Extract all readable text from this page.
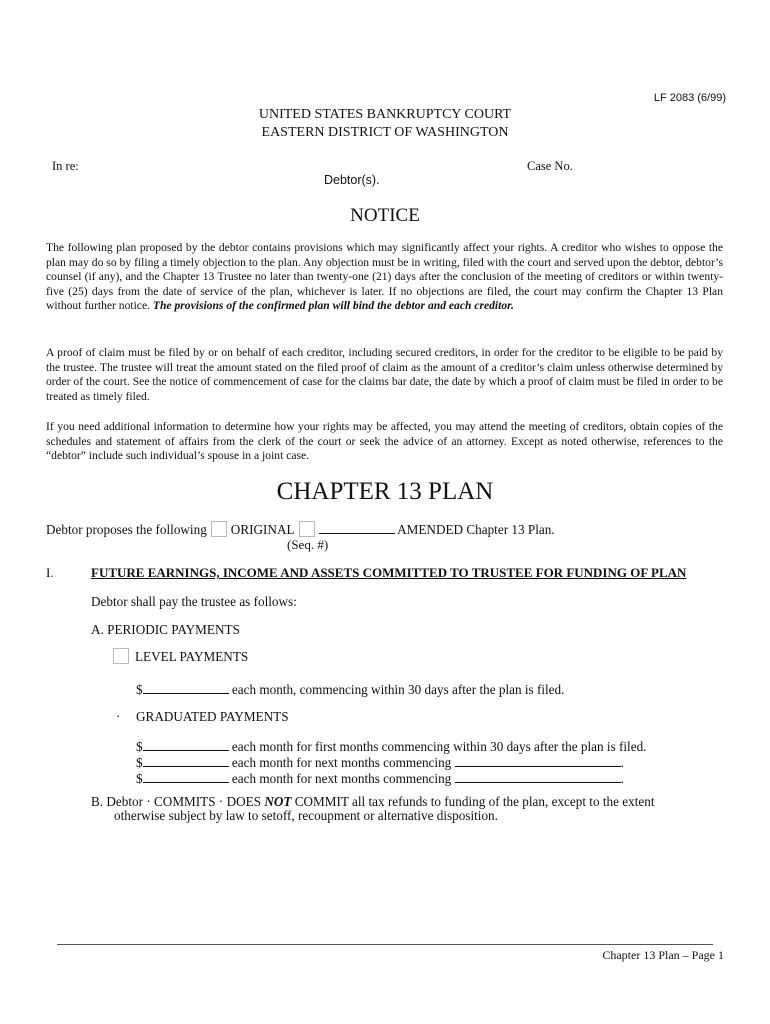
LF 2083 (6/99)
UNITED STATES BANKRUPTCY COURT
EASTERN DISTRICT OF WASHINGTON
In re:	Case No.
Debtor(s).
NOTICE
The following plan proposed by the debtor contains provisions which may significantly affect your rights. A creditor who wishes to oppose the plan may do so by filing a timely objection to the plan. Any objection must be in writing, filed with the court and served upon the debtor, debtor’s counsel (if any), and the Chapter 13 Trustee no later than twenty-one (21) days after the conclusion of the meeting of creditors or within twenty-five (25) days from the date of service of the plan, whichever is later. If no objections are filed, the court may confirm the Chapter 13 Plan without further notice. The provisions of the confirmed plan will bind the debtor and each creditor.
A proof of claim must be filed by or on behalf of each creditor, including secured creditors, in order for the creditor to be eligible to be paid by the trustee. The trustee will treat the amount stated on the filed proof of claim as the amount of a creditor’s claim unless otherwise determined by order of the court. See the notice of commencement of case for the claims bar date, the date by which a proof of claim must be filed in order to be treated as timely filed.
If you need additional information to determine how your rights may be affected, you may attend the meeting of creditors, obtain copies of the schedules and statement of affairs from the clerk of the court or seek the advice of an attorney. Except as noted otherwise, references to the “debtor” include such individual’s spouse in a joint case.
CHAPTER 13 PLAN
Debtor proposes the following ORIGINAL	AMENDED Chapter 13 Plan.
(Seq. #)
I.	FUTURE EARNINGS, INCOME AND ASSETS COMMITTED TO TRUSTEE FOR FUNDING OF PLAN
Debtor shall pay the trustee as follows:
A. PERIODIC PAYMENTS
LEVEL PAYMENTS
$	each month, commencing within 30 days after the plan is filed.
· GRADUATED PAYMENTS
$	each month for first months commencing within 30 days after the plan is filed.
$	each month for next months commencing	.
$	each month for next months commencing	.
B. Debtor · COMMITS · DOES NOT COMMIT all tax refunds to funding of the plan, except to the extent
otherwise subject by law to setoff, recoupment or alternative disposition.
Chapter 13 Plan – Page 1
